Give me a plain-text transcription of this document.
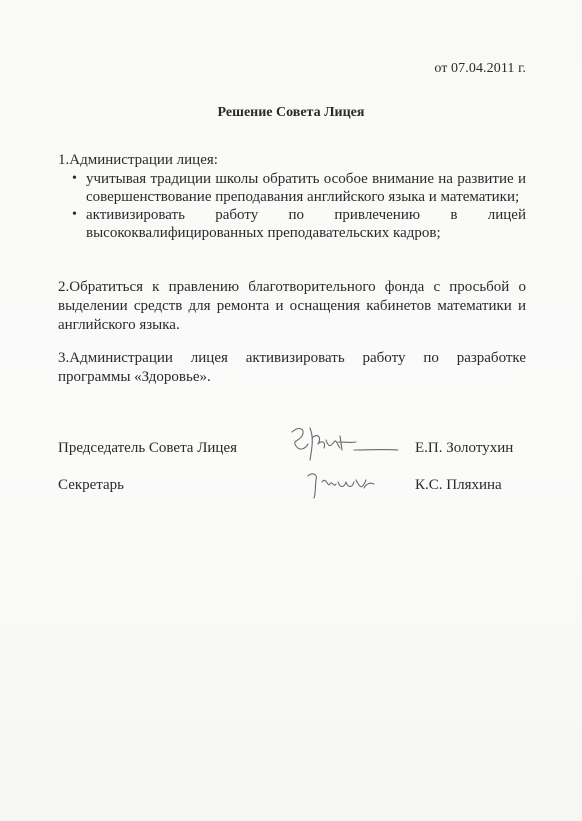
от 07.04.2011 г.
Решение Совета Лицея
1.Администрации лицея:
• учитывая традиции школы обратить особое внимание на развитие и совершенствование преподавания английского языка и математики;
• активизировать работу по привлечению в лицей высококвалифицированных преподавательских кадров;
2.Обратиться к правлению благотворительного фонда с просьбой о выделении средств для ремонта и оснащения кабинетов математики и английского языка.
3.Администрации лицея активизировать работу по разработке программы «Здоровье».
Председатель Совета Лицея	Е.П. Золотухин
Секретарь	К.С. Пляхина
